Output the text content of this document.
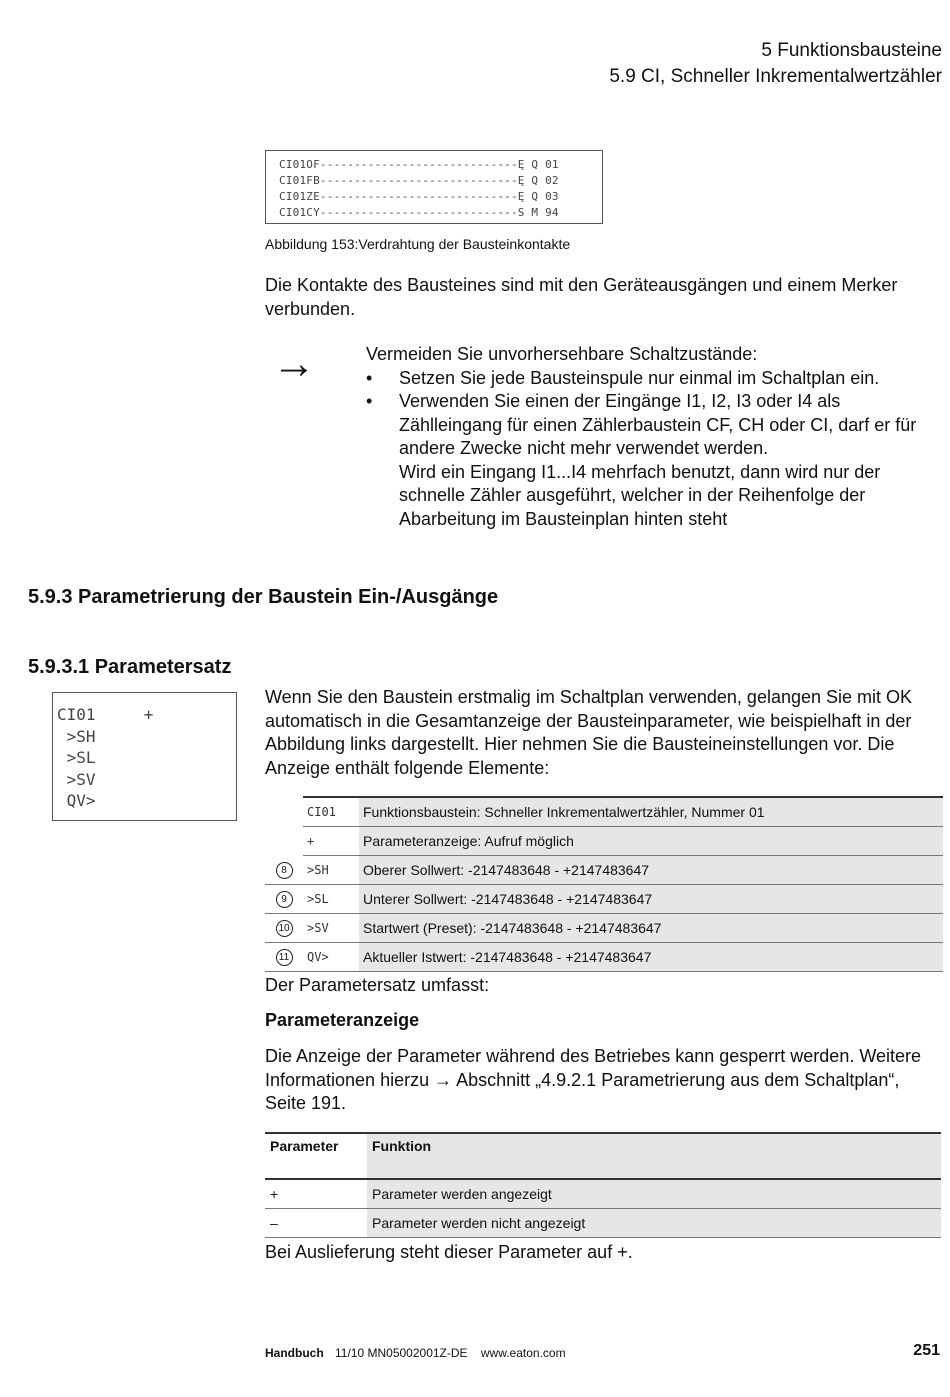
5 Funktionsbausteine
5.9 CI, Schneller Inkrementalwertzähler
CI01OF-----------------------------Ę Q 01
CI01FB-----------------------------Ę Q 02
CI01ZE-----------------------------Ę Q 03
CI01CY-----------------------------S M 94
Abbildung 153:Verdrahtung der Bausteinkontakte
Die Kontakte des Bausteines sind mit den Geräteausgängen und einem Merker verbunden.
→	Vermeiden Sie unvorhersehbare Schaltzustände:
• Setzen Sie jede Bausteinspule nur einmal im Schaltplan ein.
• Verwenden Sie einen der Eingänge I1, I2, I3 oder I4 als Zählleingang für einen Zählerbaustein CF, CH oder CI, darf er für andere Zwecke nicht mehr verwendet werden.
Wird ein Eingang I1...I4 mehrfach benutzt, dann wird nur der schnelle Zähler ausgeführt, welcher in der Reihenfolge der Abarbeitung im Bausteinplan hinten steht
5.9.3 Parametrierung der Baustein Ein-/Ausgänge
5.9.3.1 Parametersatz
CI01     +
>SH
>SL
>SV
QV>
Wenn Sie den Baustein erstmalig im Schaltplan verwenden, gelangen Sie mit OK automatisch in die Gesamtanzeige der Bausteinparameter, wie beispielhaft in der Abbildung links dargestellt. Hier nehmen Sie die Bausteineinstellungen vor. Die Anzeige enthält folgende Elemente:
	CI01	Funktionsbaustein: Schneller Inkrementalwertzähler, Nummer 01
	+	Parameteranzeige: Aufruf möglich
8	>SH	Oberer Sollwert: -2147483648 - +2147483647
9	>SL	Unterer Sollwert: -2147483648 - +2147483647
10	>SV	Startwert (Preset): -2147483648 - +2147483647
11	QV>	Aktueller Istwert: -2147483648 - +2147483647
Der Parametersatz umfasst:
Parameteranzeige
Die Anzeige der Parameter während des Betriebes kann gesperrt werden. Weitere Informationen hierzu → Abschnitt „4.9.2.1 Parametrierung aus dem Schaltplan“, Seite 191.
Parameter	Funktion
+	Parameter werden angezeigt
–	Parameter werden nicht angezeigt
Bei Auslieferung steht dieser Parameter auf +.
Handbuch 11/10 MN05002001Z-DE www.eaton.com	251
